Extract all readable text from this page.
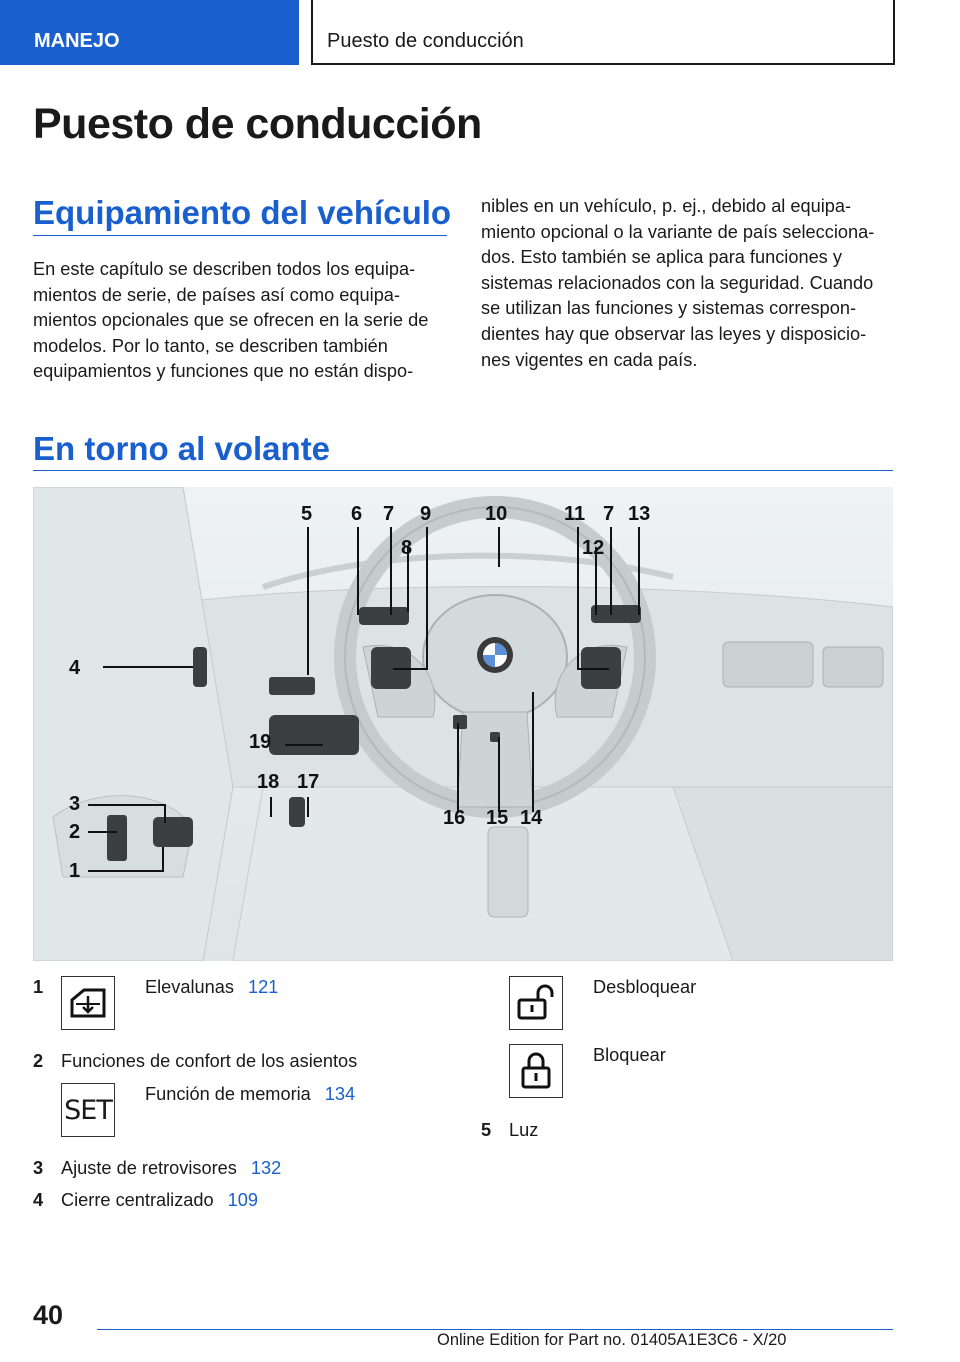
MANEJO	Puesto de conducción
Puesto de conducción
Equipamiento del vehículo
En este capítulo se describen todos los equipa-
mientos de serie, de países así como equipa-
mientos opcionales que se ofrecen en la serie de
modelos. Por lo tanto, se describen también
equipamientos y funciones que no están dispo-
nibles en un vehículo, p. ej., debido al equipa-
miento opcional o la variante de país selecciona-
dos. Esto también se aplica para funciones y
sistemas relacionados con la seguridad. Cuando
se utilizan las funciones y sistemas correspon-
dientes hay que observar las leyes y disposicio-
nes vigentes en cada país.
En torno al volante
5 6 7 9	10	11 7 13
8	12
4
19
18 17
3
2
1
16 15 14
1	Elevalunas 121
2 Funciones de confort de los asientos
SET
Función de memoria 134
3 Ajuste de retrovisores 132
4 Cierre centralizado 109
Desbloquear
Bloquear
5 Luz
40
Online Edition for Part no. 01405A1E3C6 - X/20
